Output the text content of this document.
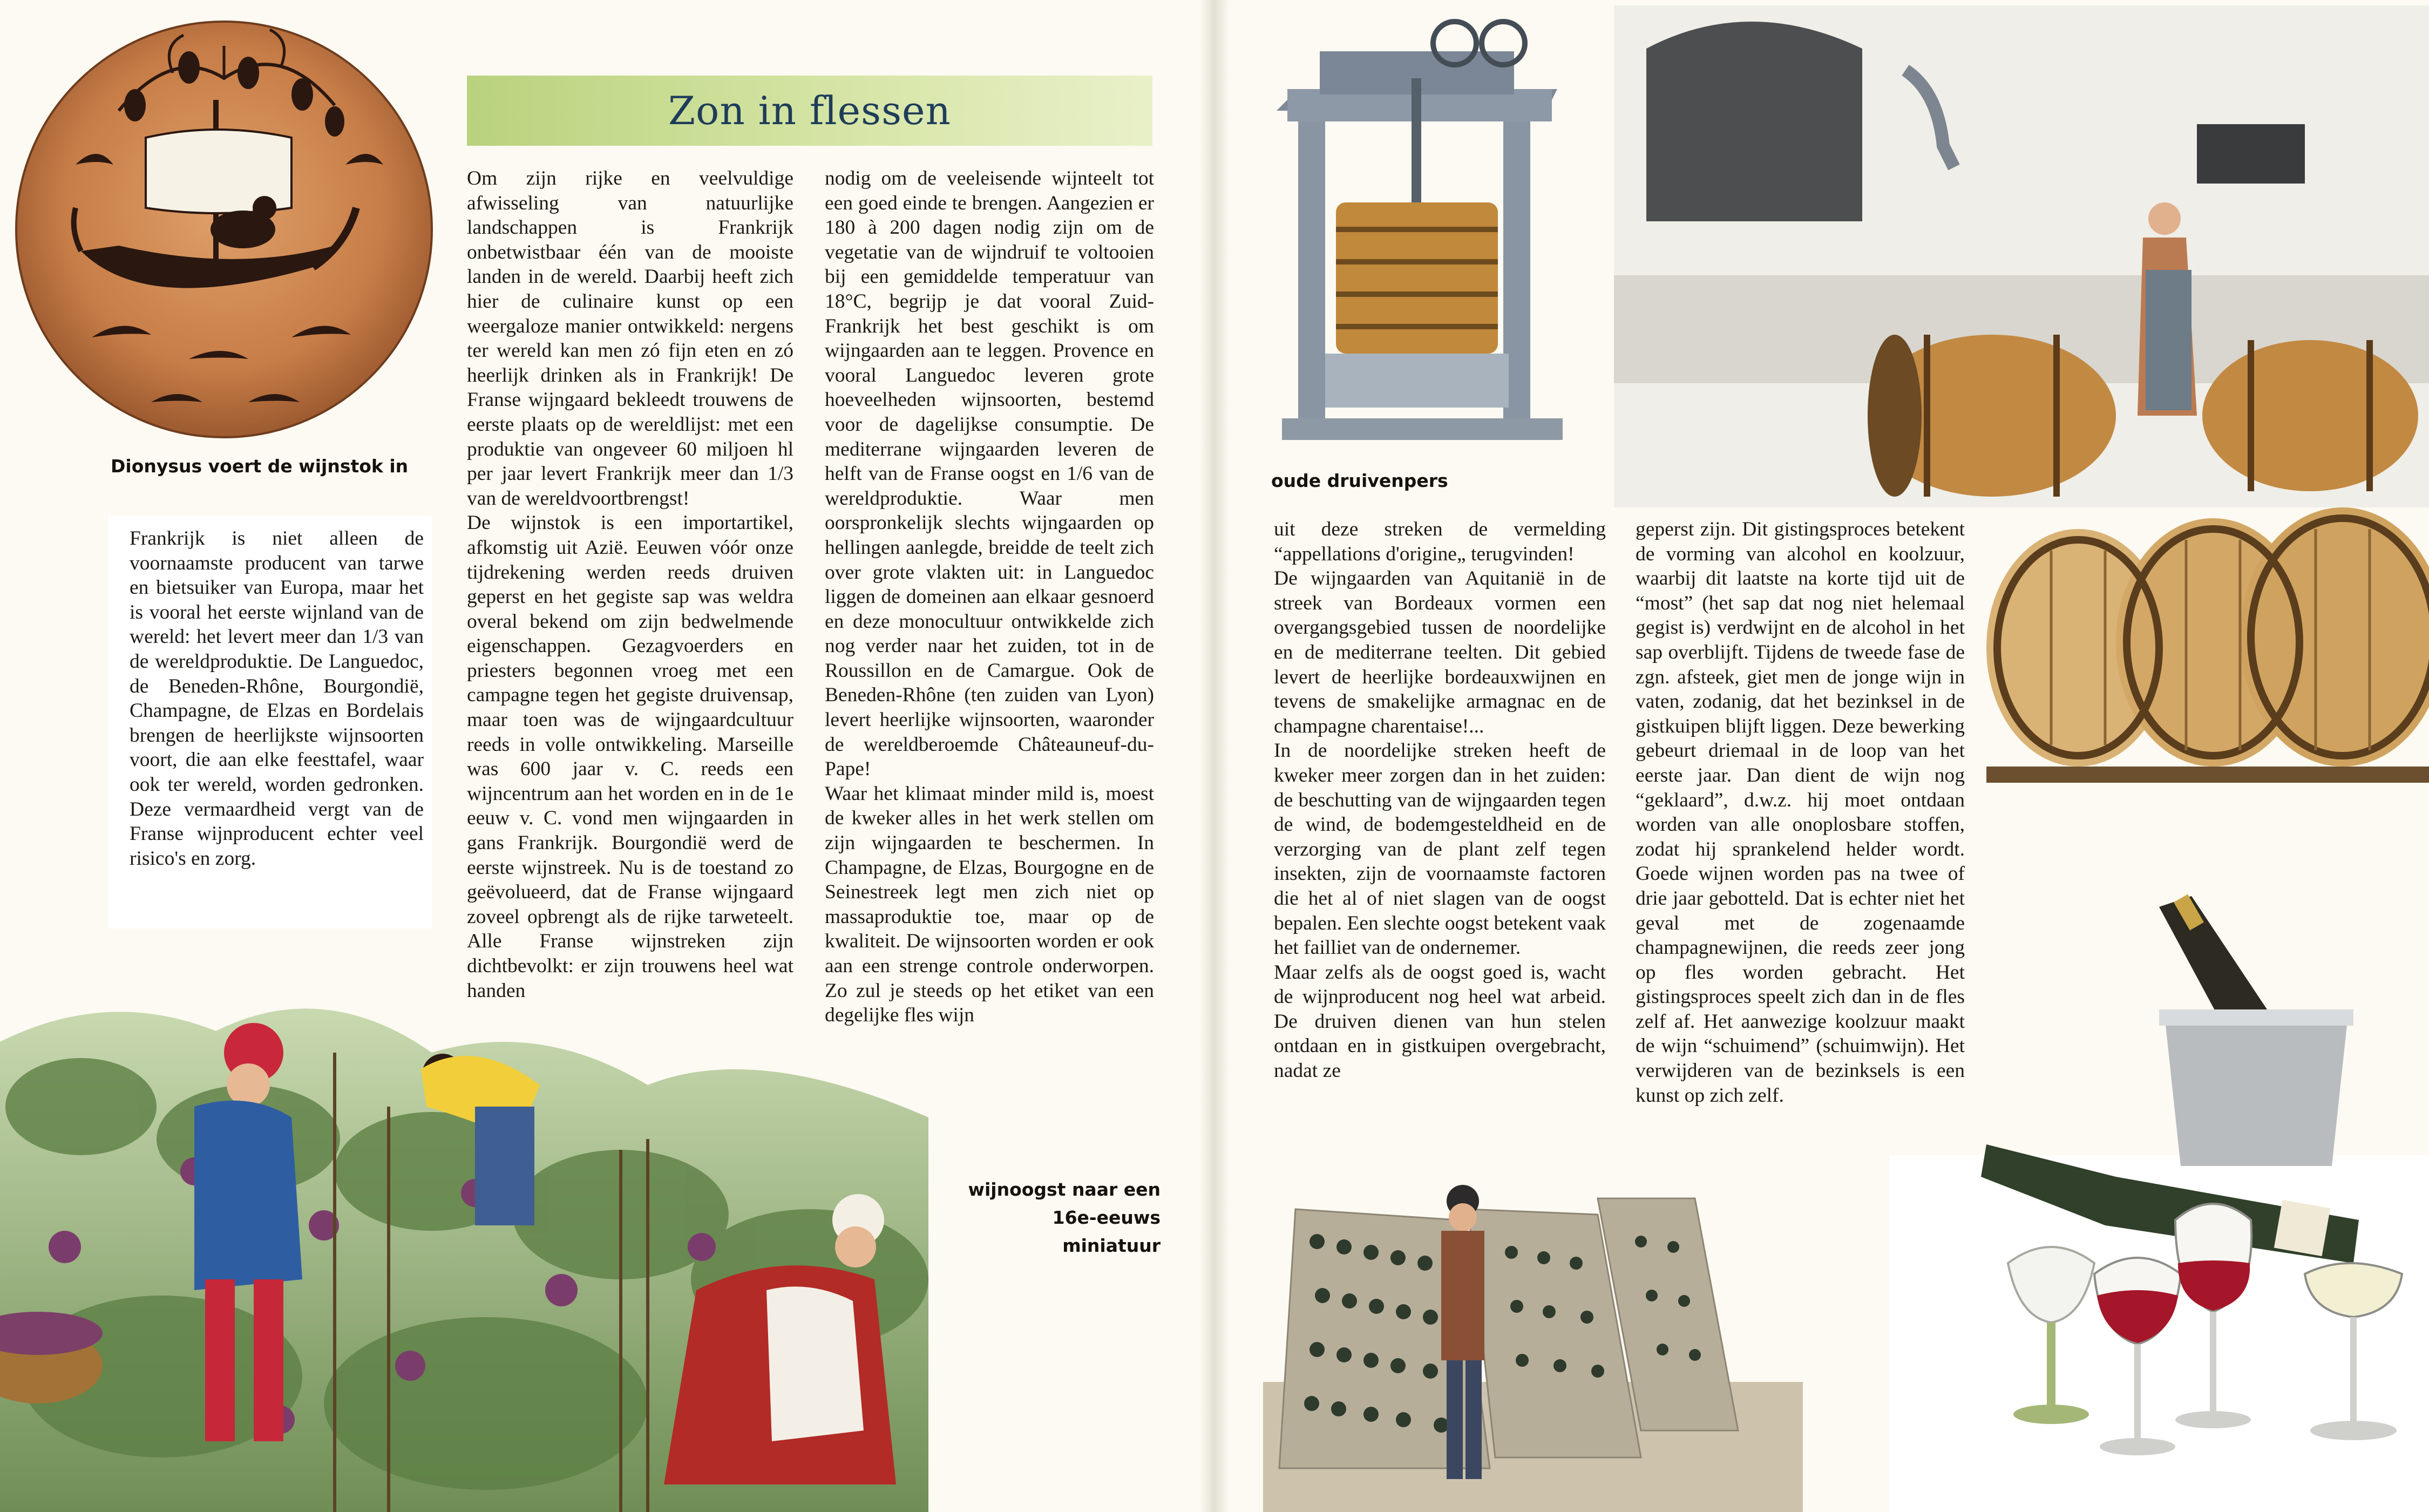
Dionysus voert de wijnstok in
Zon in flessen

Frankrijk is niet alleen de voornaamste producent van tarwe en bietsuiker van Europa, maar het is vooral het eerste wijnland van de wereld: het levert meer dan 1/3 van de wereldproduktie. De Languedoc, de Beneden-Rhône, Bourgondië, Champagne, de Elzas en Bordelais brengen de heerlijkste wijnsoorten voort, die aan elke feesttafel, waar ook ter wereld, worden gedronken. Deze vermaardheid vergt van de Franse wijnproducent echter veel risico's en zorg.

Om zijn rijke en veelvuldige afwisseling van natuurlijke landschappen is Frankrijk onbetwistbaar één van de mooiste landen in de wereld. Daarbij heeft zich hier de culinaire kunst op een weergaloze manier ontwikkeld: nergens ter wereld kan men zó fijn eten en zó heerlijk drinken als in Frankrijk! De Franse wijngaard bekleedt trouwens de eerste plaats op de wereldlijst: met een produktie van ongeveer 60 miljoen hl per jaar levert Frankrijk meer dan 1/3 van de wereldvoortbrengst!

De wijnstok is een importartikel, afkomstig uit Azië. Eeuwen vóór onze tijdrekening werden reeds druiven geperst en het gegiste sap was weldra overal bekend om zijn bedwelmende eigenschappen. Gezagvoerders en priesters begonnen vroeg met een campagne tegen het gegiste druivensap, maar toen was de wijngaardcultuur reeds in volle ontwikkeling. Marseille was 600 jaar v. C. reeds een wijncentrum aan het worden en in de 1e eeuw v. C. vond men wijngaarden in gans Frankrijk. Bourgondië werd de eerste wijnstreek. Nu is de toestand zo geëvolueerd, dat de Franse wijngaard zoveel opbrengt als de rijke tarweteelt. Alle Franse wijnstreken zijn dichtbevolkt: er zijn trouwens heel wat handen

nodig om de veeleisende wijnteelt tot een goed einde te brengen. Aangezien er 180 à 200 dagen nodig zijn om de vegetatie van de wijndruif te voltooien bij een gemiddelde temperatuur van 18°C, begrijp je dat vooral Zuid-Frankrijk het best geschikt is om wijngaarden aan te leggen. Provence en vooral Languedoc leveren grote hoeveelheden wijnsoorten, bestemd voor de dagelijkse consumptie. De mediterrane wijngaarden leveren de helft van de Franse oogst en 1/6 van de wereldproduktie. Waar men oorspronkelijk slechts wijngaarden op hellingen aanlegde, breidde de teelt zich over grote vlakten uit: in Languedoc liggen de domeinen aan elkaar gesnoerd en deze monocultuur ontwikkelde zich nog verder naar het zuiden, tot in de Roussillon en de Camargue. Ook de Beneden-Rhône (ten zuiden van Lyon) levert heerlijke wijnsoorten, waaronder de wereldberoemde Châteauneuf-du-Pape!

Waar het klimaat minder mild is, moest de kweker alles in het werk stellen om zijn wijngaarden te beschermen. In Champagne, de Elzas, Bourgogne en de Seinestreek legt men zich niet op massaproduktie toe, maar op de kwaliteit. De wijnsoorten worden er ook aan een strenge controle onderworpen. Zo zul je steeds op het etiket van een degelijke fles wijn

wijnoogst naar een
16e-eeuws miniatuur
oude druivenpers

uit deze streken de vermelding “appellations d'origine„ terugvinden!

De wijngaarden van Aquitanië in de streek van Bordeaux vormen een overgangsgebied tussen de noordelijke en de mediterrane teelten. Dit gebied levert de heerlijke bordeauxwijnen en tevens de smakelijke armagnac en de champagne charentaise!...

In de noordelijke streken heeft de kweker meer zorgen dan in het zuiden: de beschutting van de wijngaarden tegen de wind, de bodemgesteldheid en de verzorging van de plant zelf tegen insekten, zijn de voornaamste factoren die het al of niet slagen van de oogst bepalen. Een slechte oogst betekent vaak het failliet van de ondernemer.

Maar zelfs als de oogst goed is, wacht de wijnproducent nog heel wat arbeid. De druiven dienen van hun stelen ontdaan en in gistkuipen overgebracht, nadat ze

geperst zijn. Dit gistingsproces betekent de vorming van alcohol en koolzuur, waarbij dit laatste na korte tijd uit de “most” (het sap dat nog niet helemaal gegist is) verdwijnt en de alcohol in het sap overblijft. Tijdens de tweede fase de zgn. afsteek, giet men de jonge wijn in vaten, zodanig, dat het bezinksel in de gistkuipen blijft liggen. Deze bewerking gebeurt driemaal in de loop van het eerste jaar. Dan dient de wijn nog “geklaard”, d.w.z. hij moet ontdaan worden van alle onoplosbare stoffen, zodat hij sprankelend helder wordt. Goede wijnen worden pas na twee of drie jaar gebotteld. Dat is echter niet het geval met de zogenaamde champagnewijnen, die reeds zeer jong op fles worden gebracht. Het gistingsproces speelt zich dan in de fles zelf af. Het aanwezige koolzuur maakt de wijn “schuimend” (schuimwijn). Het verwijderen van de bezinksels is een kunst op zich zelf.
